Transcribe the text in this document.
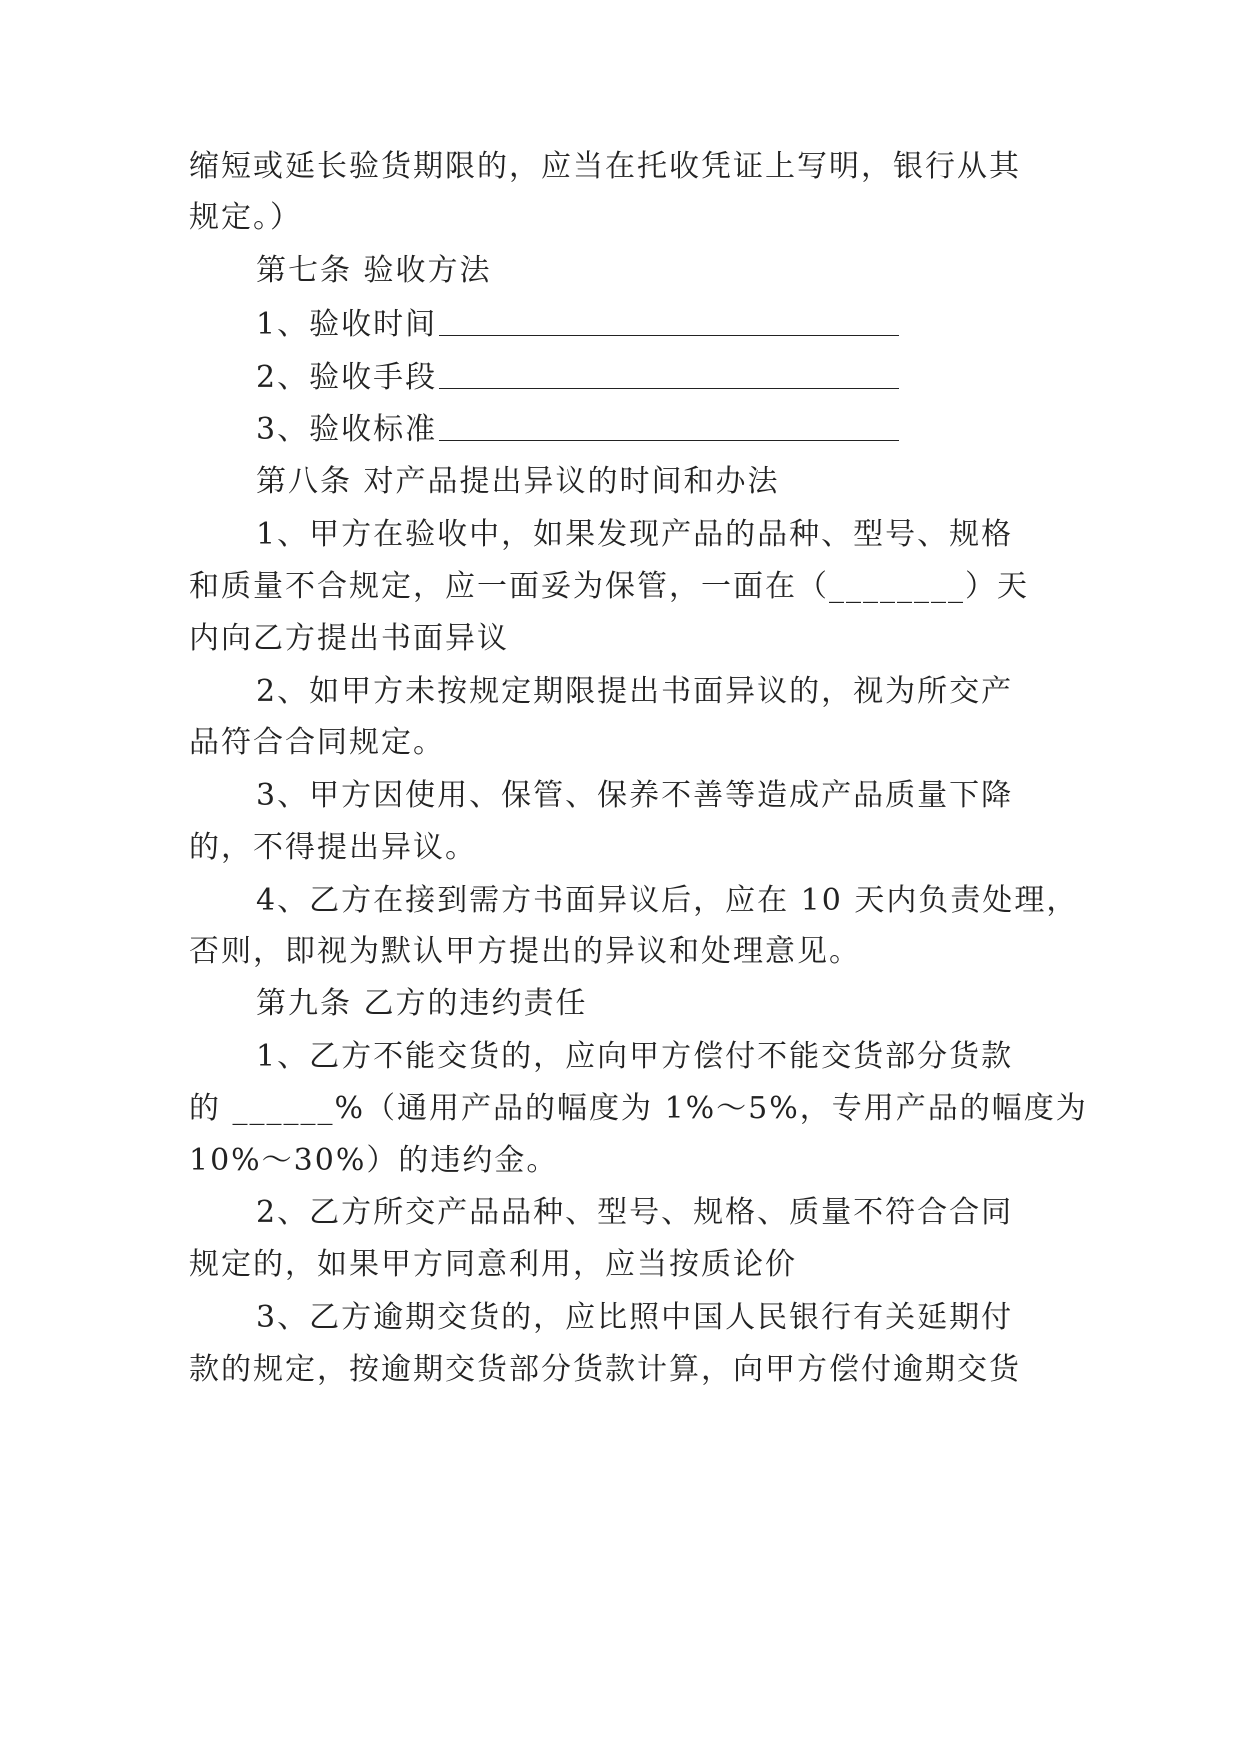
缩短或延长验货期限的，应当在托收凭证上写明，银行从其
规定。）
第七条 验收方法
1、验收时间
2、验收手段
3、验收标准
第八条 对产品提出异议的时间和办法
1、甲方在验收中，如果发现产品的品种、型号、规格
和质量不合规定，应一面妥为保管，一面在（________）天
内向乙方提出书面异议
2、如甲方未按规定期限提出书面异议的，视为所交产
品符合合同规定。
3、甲方因使用、保管、保养不善等造成产品质量下降
的，不得提出异议。
4、乙方在接到需方书面异议后，应在 10 天内负责处理，
否则，即视为默认甲方提出的异议和处理意见。
第九条 乙方的违约责任
1、乙方不能交货的，应向甲方偿付不能交货部分货款
的 ______%（通用产品的幅度为 1%～5%，专用产品的幅度为
10%～30%）的违约金。
2、乙方所交产品品种、型号、规格、质量不符合合同
规定的，如果甲方同意利用，应当按质论价
3、乙方逾期交货的，应比照中国人民银行有关延期付
款的规定，按逾期交货部分货款计算，向甲方偿付逾期交货
